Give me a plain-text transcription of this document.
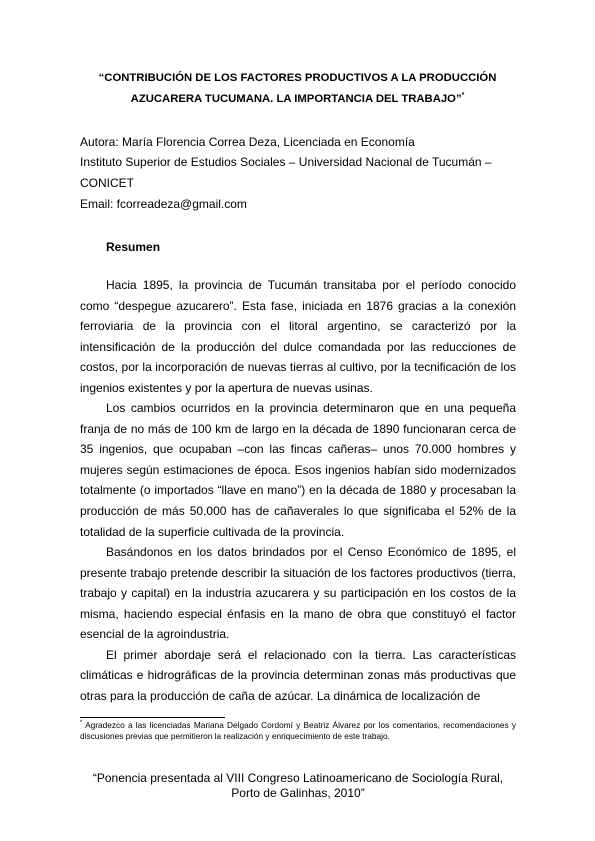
“CONTRIBUCIÓN DE LOS FACTORES PRODUCTIVOS A LA PRODUCCIÓN
AZUCARERA TUCUMANA. LA IMPORTANCIA DEL TRABAJO”*
Autora: María Florencia Correa Deza, Licenciada en Economía
Instituto Superior de Estudios Sociales – Universidad Nacional de Tucumán –
CONICET
Email: fcorreadeza@gmail.com
Resumen

Hacia 1895, la provincia de Tucumán transitaba por el período conocido como “despegue azucarero”. Esta fase, iniciada en 1876 gracias a la conexión ferroviaria de la provincia con el litoral argentino, se caracterizó por la intensificación de la producción del dulce comandada por las reducciones de costos, por la incorporación de nuevas tierras al cultivo, por la tecnificación de los ingenios existentes y por la apertura de nuevas usinas.

Los cambios ocurridos en la provincia determinaron que en una pequeña franja de no más de 100 km de largo en la década de 1890 funcionaran cerca de 35 ingenios, que ocupaban –con las fincas cañeras– unos 70.000 hombres y mujeres según estimaciones de época. Esos ingenios habían sido modernizados totalmente (o importados “llave en mano”) en la década de 1880 y procesaban la producción de más 50.000 has de cañaverales lo que significaba el 52% de la totalidad de la superficie cultivada de la provincia.

Basándonos en los datos brindados por el Censo Económico de 1895, el presente trabajo pretende describir la situación de los factores productivos (tierra, trabajo y capital) en la industria azucarera y su participación en los costos de la misma, haciendo especial énfasis en la mano de obra que constituyó el factor esencial de la agroindustria.

El primer abordaje será el relacionado con la tierra. Las características climáticas e hidrográficas de la provincia determinan zonas más productivas que otras para la producción de caña de azúcar. La dinámica de localización de

* Agradezco a las licenciadas Mariana Delgado Cordomí y Beatriz Álvarez por los comentarios, recomendaciones y discusiones previas que permitieron la realización y enriquecimiento de este trabajo.
“Ponencia presentada al VIII Congreso Latinoamericano de Sociología Rural,
Porto de Galinhas, 2010”
